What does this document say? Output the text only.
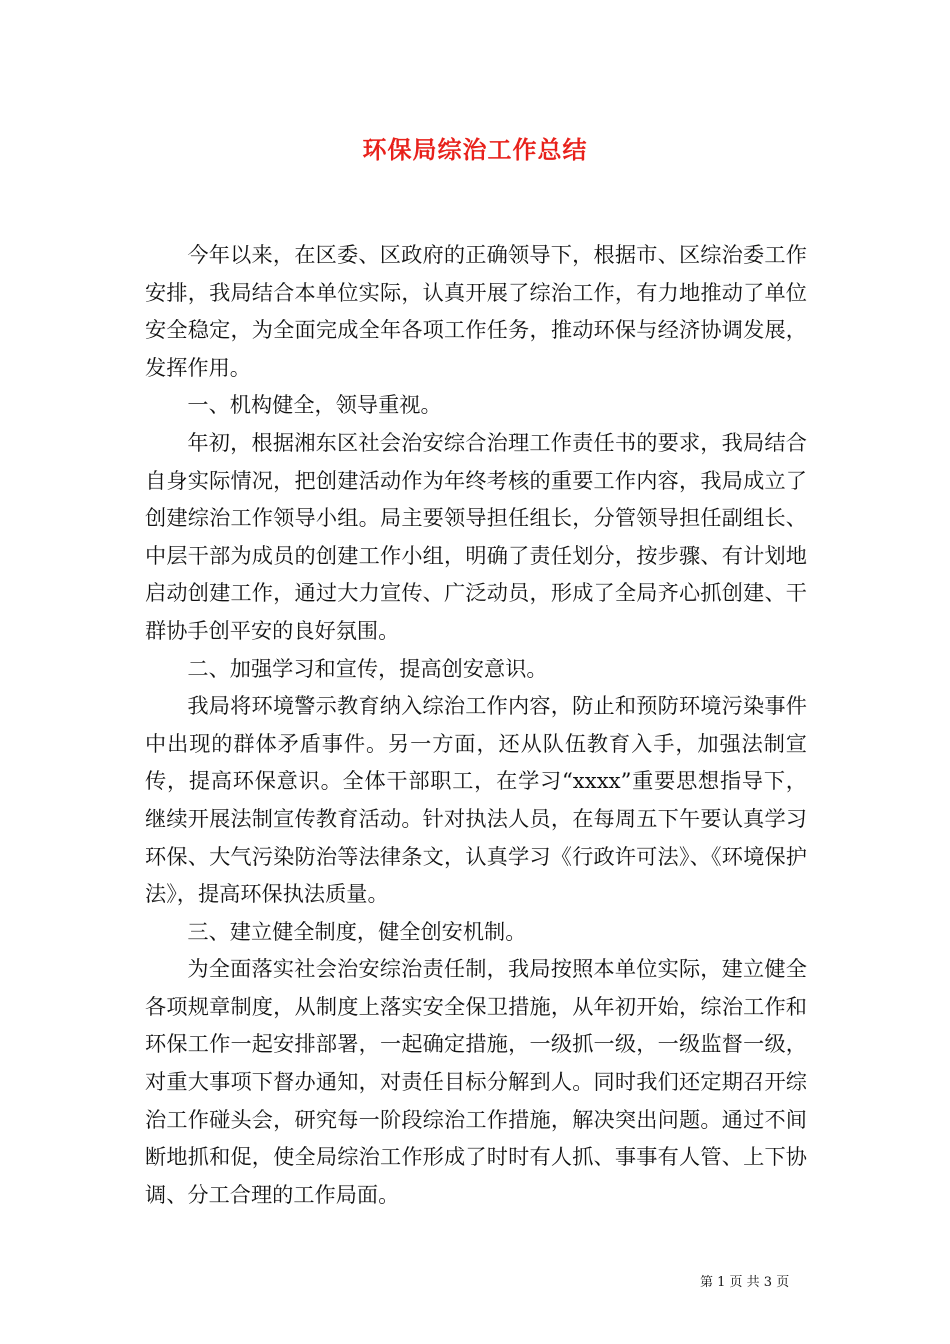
环保局综治工作总结

今年以来，在区委、区政府的正确领导下，根据市、区综治委工作安排，我局结合本单位实际，认真开展了综治工作，有力地推动了单位安全稳定，为全面完成全年各项工作任务，推动环保与经济协调发展，发挥作用。

一、机构健全，领导重视。

年初，根据湘东区社会治安综合治理工作责任书的要求，我局结合自身实际情况，把创建活动作为年终考核的重要工作内容，我局成立了创建综治工作领导小组。局主要领导担任组长，分管领导担任副组长、中层干部为成员的创建工作小组，明确了责任划分，按步骤、有计划地启动创建工作，通过大力宣传、广泛动员，形成了全局齐心抓创建、干群协手创平安的良好氛围。

二、加强学习和宣传，提高创安意识。

我局将环境警示教育纳入综治工作内容，防止和预防环境污染事件中出现的群体矛盾事件。另一方面，还从队伍教育入手，加强法制宣传，提高环保意识。全体干部职工，在学习“xxxx”重要思想指导下，继续开展法制宣传教育活动。针对执法人员，在每周五下午要认真学习环保、大气污染防治等法律条文，认真学习《行政许可法》、《环境保护法》，提高环保执法质量。

三、建立健全制度，健全创安机制。

为全面落实社会治安综治责任制，我局按照本单位实际，建立健全各项规章制度，从制度上落实安全保卫措施，从年初开始，综治工作和环保工作一起安排部署，一起确定措施，一级抓一级，一级监督一级，对重大事项下督办通知，对责任目标分解到人。同时我们还定期召开综治工作碰头会，研究每一阶段综治工作措施，解决突出问题。通过不间断地抓和促，使全局综治工作形成了时时有人抓、事事有人管、上下协调、分工合理的工作局面。

第 1 页 共 3 页
